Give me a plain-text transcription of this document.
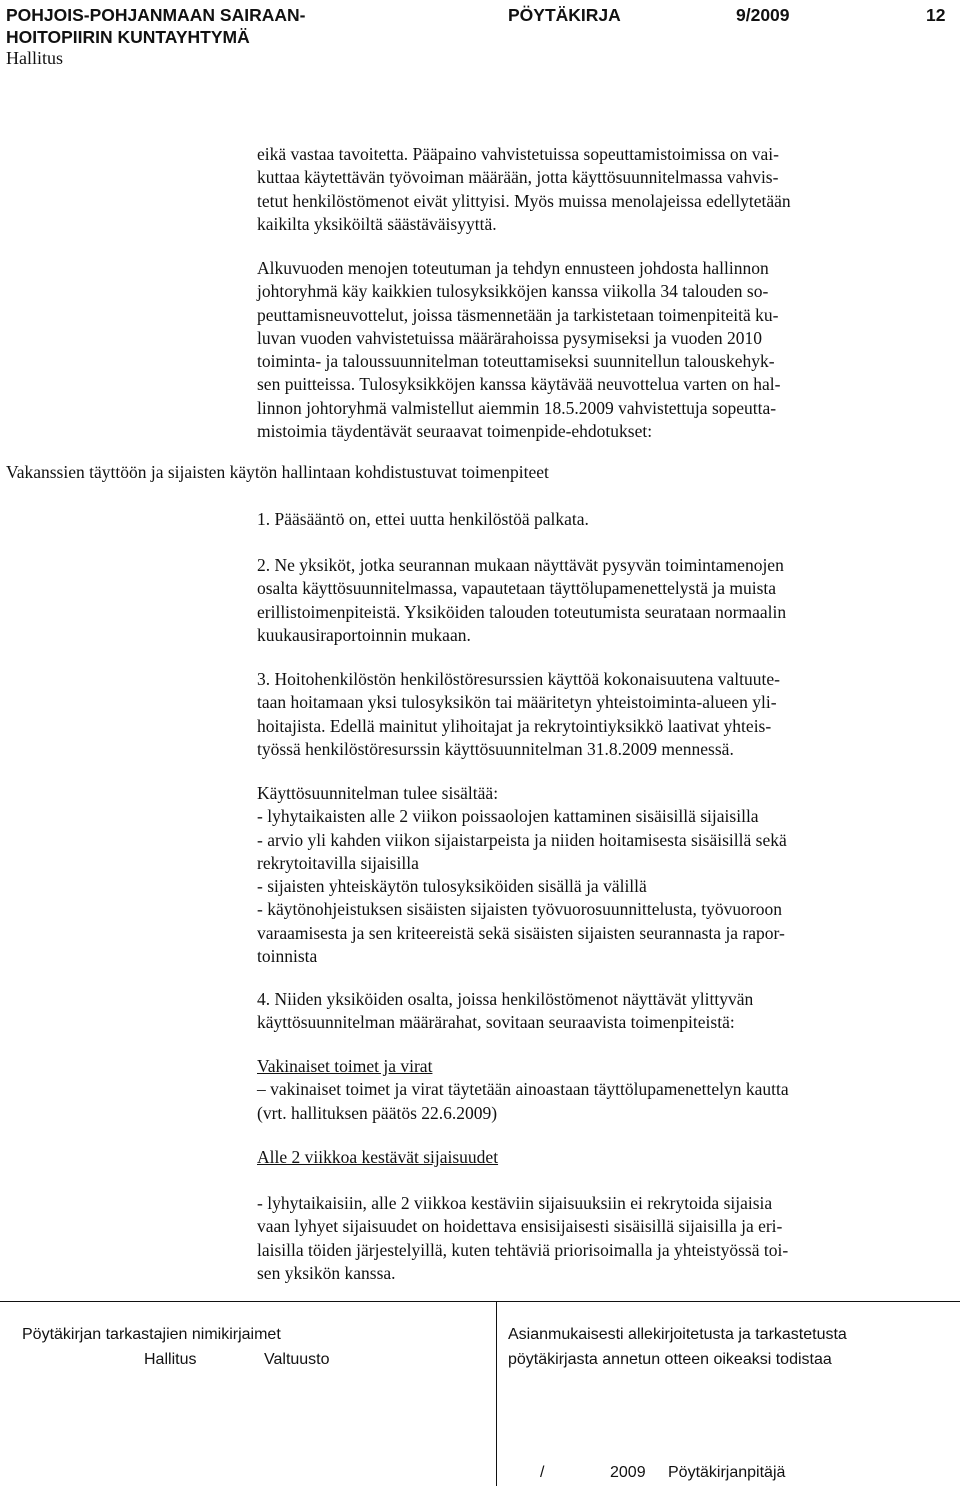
POHJOIS-POHJANMAAN SAIRAAN-
HOITOPIIRIN KUNTAYHTYMÄ
PÖYTÄKIRJA	9/2009	12
Hallitus
eikä vastaa tavoitetta. Pääpaino vahvistetuissa sopeuttamistoimissa on vai-
kuttaa käytettävän työvoiman määrään, jotta käyttösuunnitelmassa vahvis-
tetut henkilöstömenot eivät ylittyisi. Myös muissa menolajeissa edellytetään
kaikilta yksiköiltä säästäväisyyttä.
Alkuvuoden menojen toteutuman ja tehdyn ennusteen johdosta hallinnon
johtoryhmä käy kaikkien tulosyksikköjen kanssa viikolla 34 talouden so-
peuttamisneuvottelut, joissa täsmennetään ja tarkistetaan toimenpiteitä ku-
luvan vuoden vahvistetuissa määrärahoissa pysymiseksi ja vuoden 2010
toiminta- ja taloussuunnitelman toteuttamiseksi suunnitellun talouskehyk-
sen puitteissa. Tulosyksikköjen kanssa käytävää neuvottelua varten on hal-
linnon johtoryhmä valmistellut aiemmin 18.5.2009 vahvistettuja sopeutta-
mistoimia täydentävät seuraavat toimenpide-ehdotukset:
Vakanssien täyttöön ja sijaisten käytön hallintaan kohdistustuvat toimenpiteet
1. Pääsääntö on, ettei uutta henkilöstöä palkata.
2. Ne yksiköt, jotka seurannan mukaan näyttävät pysyvän toimintamenojen
osalta käyttösuunnitelmassa, vapautetaan täyttölupamenettelystä ja muista
erillistoimenpiteistä. Yksiköiden talouden toteutumista seurataan normaalin
kuukausiraportoinnin mukaan.
3. Hoitohenkilöstön henkilöstöresurssien käyttöä kokonaisuutena valtuute-
taan hoitamaan yksi tulosyksikön tai määritetyn yhteistoiminta-alueen yli-
hoitajista. Edellä mainitut ylihoitajat ja rekrytointiyksikkö laativat yhteis-
työssä henkilöstöresurssin käyttösuunnitelman 31.8.2009 mennessä.
Käyttösuunnitelman tulee sisältää:
- lyhytaikaisten alle 2 viikon poissaolojen kattaminen sisäisillä sijaisilla
- arvio yli kahden viikon sijaistarpeista ja niiden hoitamisesta sisäisillä sekä
rekrytoitavilla sijaisilla
- sijaisten yhteiskäytön tulosyksiköiden sisällä ja välillä
- käytönohjeistuksen sisäisten sijaisten työvuorosuunnittelusta, työvuoroon
varaamisesta ja sen kriteereistä sekä sisäisten sijaisten seurannasta ja rapor-
toinnista
4. Niiden yksiköiden osalta, joissa henkilöstömenot näyttävät ylittyvän
käyttösuunnitelman määrärahat, sovitaan seuraavista toimenpiteistä:
Vakinaiset toimet ja virat
– vakinaiset toimet ja virat täytetään ainoastaan täyttölupamenettelyn kautta
(vrt. hallituksen päätös 22.6.2009)
Alle 2 viikkoa kestävät sijaisuudet
- lyhytaikaisiin, alle 2 viikkoa kestäviin sijaisuuksiin ei rekrytoida sijaisia
vaan lyhyet sijaisuudet on hoidettava ensisijaisesti sisäisillä sijaisilla ja eri-
laisilla töiden järjestelyillä, kuten tehtäviä priorisoimalla ja yhteistyössä toi-
sen yksikön kanssa.
Pöytäkirjan tarkastajien nimikirjaimet
Hallitus	Valtuusto
Asianmukaisesti allekirjoitetusta ja tarkastetusta
pöytäkirjasta annetun otteen oikeaksi todistaa
/	2009 Pöytäkirjanpitäjä
